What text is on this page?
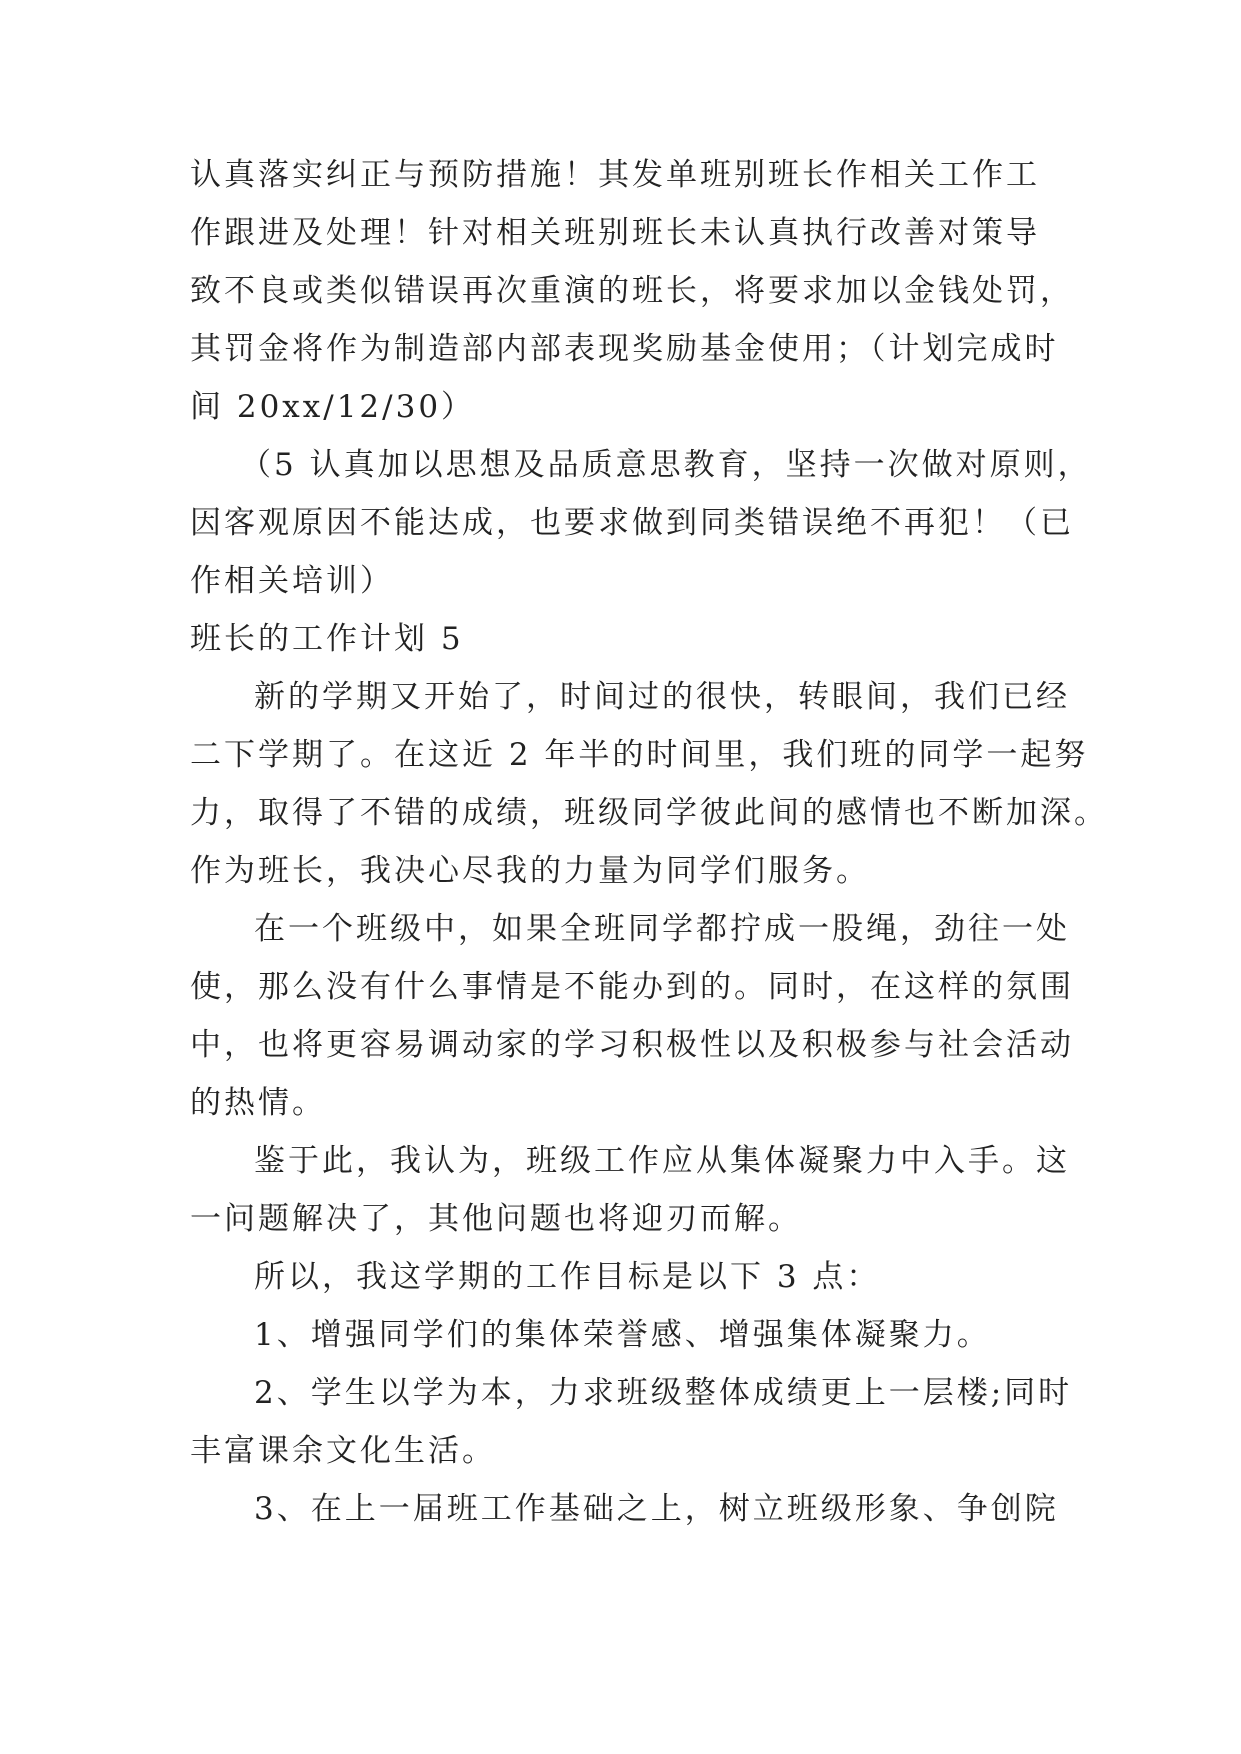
认真落实纠正与预防措施！其发单班别班长作相关工作工
作跟进及处理！针对相关班别班长未认真执行改善对策导
致不良或类似错误再次重演的班长，将要求加以金钱处罚，
其罚金将作为制造部内部表现奖励基金使用；（计划完成时
间 20xx/12/30）
（5 认真加以思想及品质意思教育，坚持一次做对原则，
因客观原因不能达成，也要求做到同类错误绝不再犯！（已
作相关培训）
班长的工作计划 5
新的学期又开始了，时间过的很快，转眼间，我们已经
二下学期了。在这近 2 年半的时间里，我们班的同学一起努
力，取得了不错的成绩，班级同学彼此间的感情也不断加深。
作为班长，我决心尽我的力量为同学们服务。
在一个班级中，如果全班同学都拧成一股绳，劲往一处
使，那么没有什么事情是不能办到的。同时，在这样的氛围
中，也将更容易调动家的学习积极性以及积极参与社会活动
的热情。
鉴于此，我认为，班级工作应从集体凝聚力中入手。这
一问题解决了，其他问题也将迎刃而解。
所以，我这学期的工作目标是以下 3 点：
1、增强同学们的集体荣誉感、增强集体凝聚力。
2、学生以学为本，力求班级整体成绩更上一层楼;同时
丰富课余文化生活。
3、在上一届班工作基础之上，树立班级形象、争创院
